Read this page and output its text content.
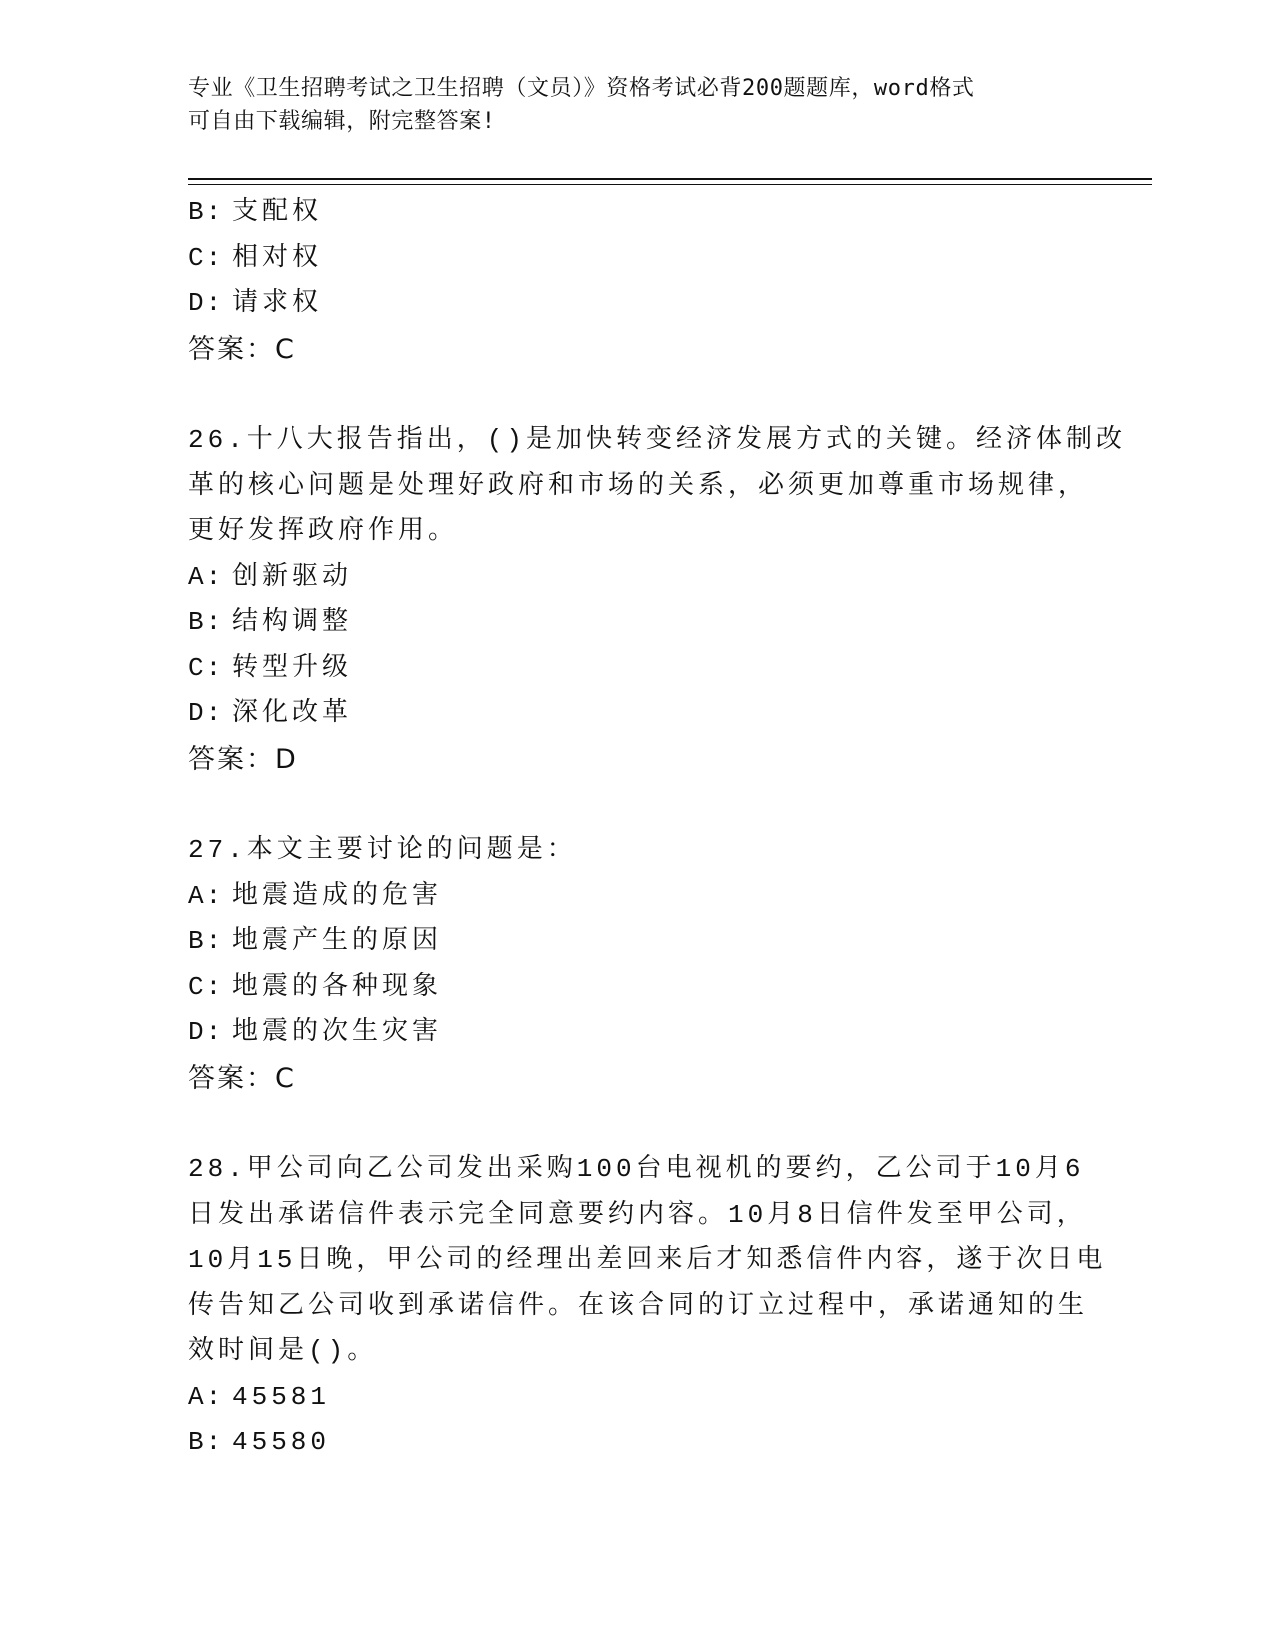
专业《卫生招聘考试之卫生招聘（文员）》资格考试必背200题题库，word格式
可自由下载编辑，附完整答案!
B: 支配权
C: 相对权
D: 请求权
答案：C
26.十八大报告指出，()是加快转变经济发展方式的关键。经济体制改
革的核心问题是处理好政府和市场的关系，必须更加尊重市场规律，
更好发挥政府作用。
A: 创新驱动
B: 结构调整
C: 转型升级
D: 深化改革
答案：D
27.本文主要讨论的问题是：
A: 地震造成的危害
B: 地震产生的原因
C: 地震的各种现象
D: 地震的次生灾害
答案：C
28.甲公司向乙公司发出采购100台电视机的要约，乙公司于10月6
日发出承诺信件表示完全同意要约内容。10月8日信件发至甲公司，
10月15日晚，甲公司的经理出差回来后才知悉信件内容，遂于次日电
传告知乙公司收到承诺信件。在该合同的订立过程中，承诺通知的生
效时间是()。
A: 45581
B: 45580
